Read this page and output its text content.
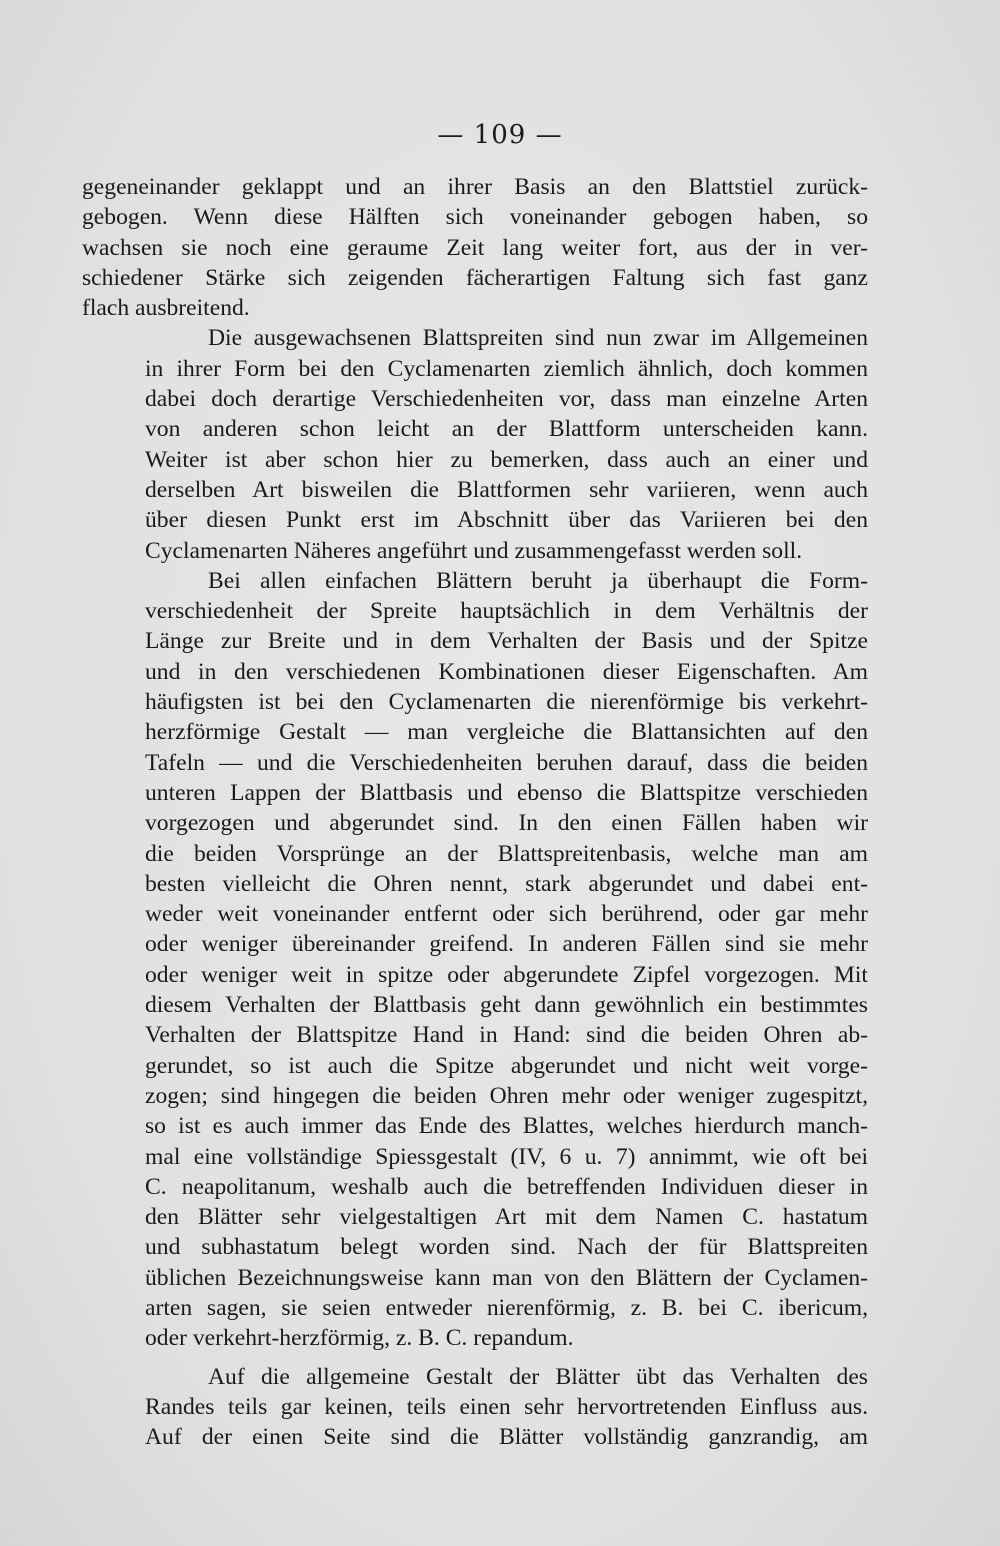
— 109 —

gegeneinander geklappt und an ihrer Basis an den Blattstiel zurück-
gebogen. Wenn diese Hälften sich voneinander gebogen haben, so
wachsen sie noch eine geraume Zeit lang weiter fort, aus der in ver-
schiedener Stärke sich zeigenden fächerartigen Faltung sich fast ganz
flach ausbreitend.

Die ausgewachsenen Blattspreiten sind nun zwar im Allgemeinen
in ihrer Form bei den Cyclamenarten ziemlich ähnlich, doch kommen
dabei doch derartige Verschiedenheiten vor, dass man einzelne Arten
von anderen schon leicht an der Blattform unterscheiden kann.
Weiter ist aber schon hier zu bemerken, dass auch an einer und
derselben Art bisweilen die Blattformen sehr variieren, wenn auch
über diesen Punkt erst im Abschnitt über das Variieren bei den
Cyclamenarten Näheres angeführt und zusammengefasst werden soll.

Bei allen einfachen Blättern beruht ja überhaupt die Form-
verschiedenheit der Spreite hauptsächlich in dem Verhältnis der
Länge zur Breite und in dem Verhalten der Basis und der Spitze
und in den verschiedenen Kombinationen dieser Eigenschaften. Am
häufigsten ist bei den Cyclamenarten die nierenförmige bis verkehrt-
herzförmige Gestalt — man vergleiche die Blattansichten auf den
Tafeln — und die Verschiedenheiten beruhen darauf, dass die beiden
unteren Lappen der Blattbasis und ebenso die Blattspitze verschieden
vorgezogen und abgerundet sind. In den einen Fällen haben wir
die beiden Vorsprünge an der Blattspreitenbasis, welche man am
besten vielleicht die Ohren nennt, stark abgerundet und dabei ent-
weder weit voneinander entfernt oder sich berührend, oder gar mehr
oder weniger übereinander greifend. In anderen Fällen sind sie mehr
oder weniger weit in spitze oder abgerundete Zipfel vorgezogen. Mit
diesem Verhalten der Blattbasis geht dann gewöhnlich ein bestimmtes
Verhalten der Blattspitze Hand in Hand: sind die beiden Ohren ab-
gerundet, so ist auch die Spitze abgerundet und nicht weit vorge-
zogen; sind hingegen die beiden Ohren mehr oder weniger zugespitzt,
so ist es auch immer das Ende des Blattes, welches hierdurch manch-
mal eine vollständige Spiessgestalt (IV, 6 u. 7) annimmt, wie oft bei
C. neapolitanum, weshalb auch die betreffenden Individuen dieser in
den Blätter sehr vielgestaltigen Art mit dem Namen C. hastatum
und subhastatum belegt worden sind. Nach der für Blattspreiten
üblichen Bezeichnungsweise kann man von den Blättern der Cyclamen-
arten sagen, sie seien entweder nierenförmig, z. B. bei C. ibericum,
oder verkehrt-herzförmig, z. B. C. repandum.

Auf die allgemeine Gestalt der Blätter übt das Verhalten des
Randes teils gar keinen, teils einen sehr hervortretenden Einfluss aus.
Auf der einen Seite sind die Blätter vollständig ganzrandig, am
